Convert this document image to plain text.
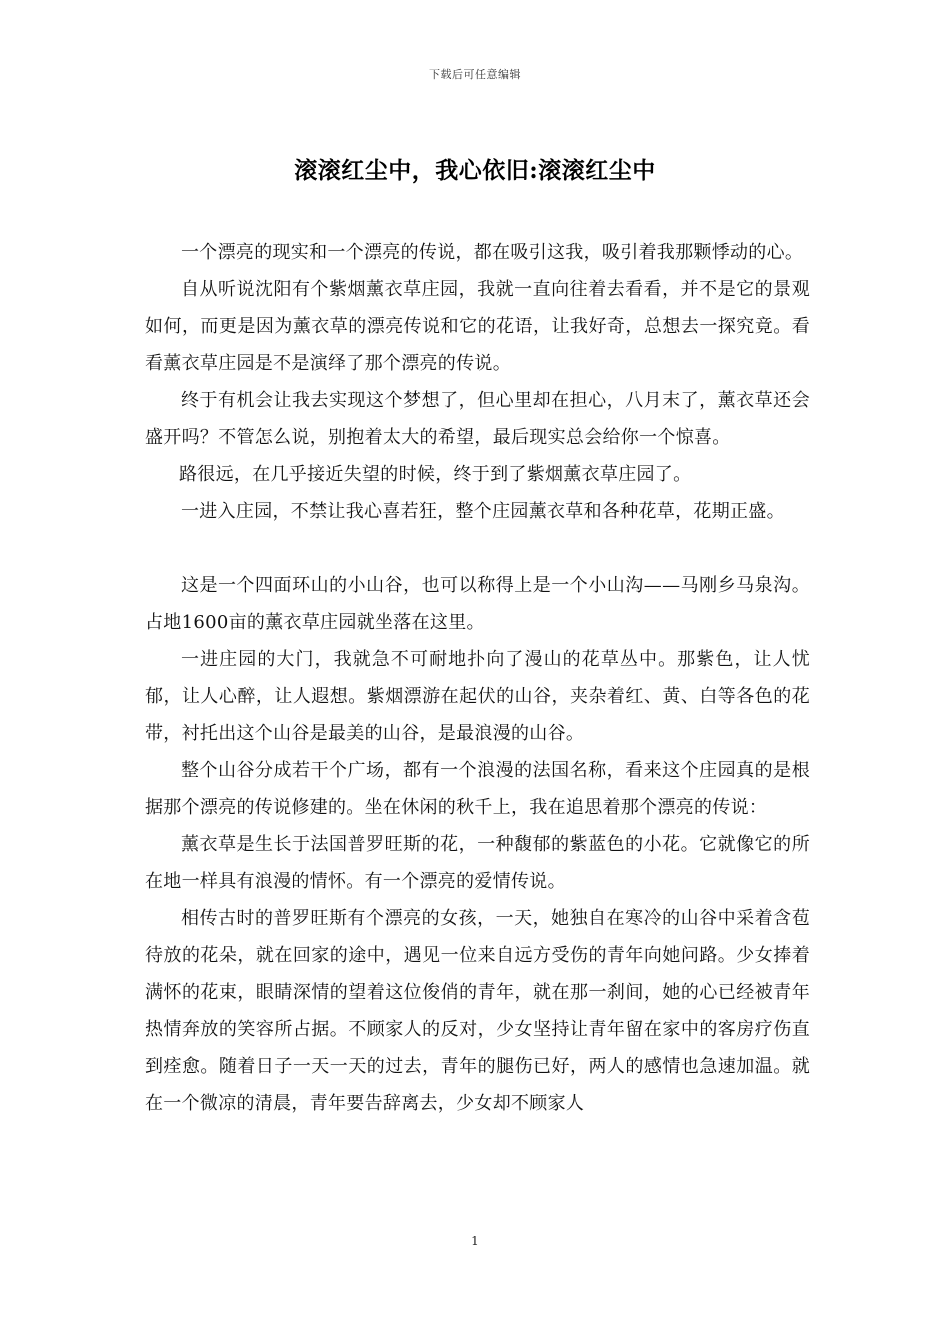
下载后可任意编辑
滚滚红尘中，我心依旧:滚滚红尘中

一个漂亮的现实和一个漂亮的传说，都在吸引这我，吸引着我那颗悸动的心。

自从听说沈阳有个紫烟薰衣草庄园，我就一直向往着去看看，并不是它的景观如何，而更是因为薰衣草的漂亮传说和它的花语，让我好奇，总想去一探究竟。看看薰衣草庄园是不是演绎了那个漂亮的传说。

终于有机会让我去实现这个梦想了，但心里却在担心，八月末了，薰衣草还会盛开吗？不管怎么说，别抱着太大的希望，最后现实总会给你一个惊喜。

路很远，在几乎接近失望的时候，终于到了紫烟薰衣草庄园了。

一进入庄园，不禁让我心喜若狂，整个庄园薰衣草和各种花草，花期正盛。

这是一个四面环山的小山谷，也可以称得上是一个小山沟——马刚乡马泉沟。占地1600亩的薰衣草庄园就坐落在这里。

一进庄园的大门，我就急不可耐地扑向了漫山的花草丛中。那紫色，让人忧郁，让人心醉，让人遐想。紫烟漂游在起伏的山谷，夹杂着红、黄、白等各色的花带，衬托出这个山谷是最美的山谷，是最浪漫的山谷。

整个山谷分成若干个广场，都有一个浪漫的法国名称，看来这个庄园真的是根据那个漂亮的传说修建的。坐在休闲的秋千上，我在追思着那个漂亮的传说：

薰衣草是生长于法国普罗旺斯的花，一种馥郁的紫蓝色的小花。它就像它的所在地一样具有浪漫的情怀。有一个漂亮的爱情传说。

相传古时的普罗旺斯有个漂亮的女孩，一天，她独自在寒冷的山谷中采着含苞待放的花朵，就在回家的途中，遇见一位来自远方受伤的青年向她问路。少女捧着满怀的花束，眼睛深情的望着这位俊俏的青年，就在那一刹间，她的心已经被青年热情奔放的笑容所占据。不顾家人的反对，少女坚持让青年留在家中的客房疗伤直到痊愈。随着日子一天一天的过去，青年的腿伤已好，两人的感情也急速加温。就在一个微凉的清晨，青年要告辞离去，少女却不顾家人

1
